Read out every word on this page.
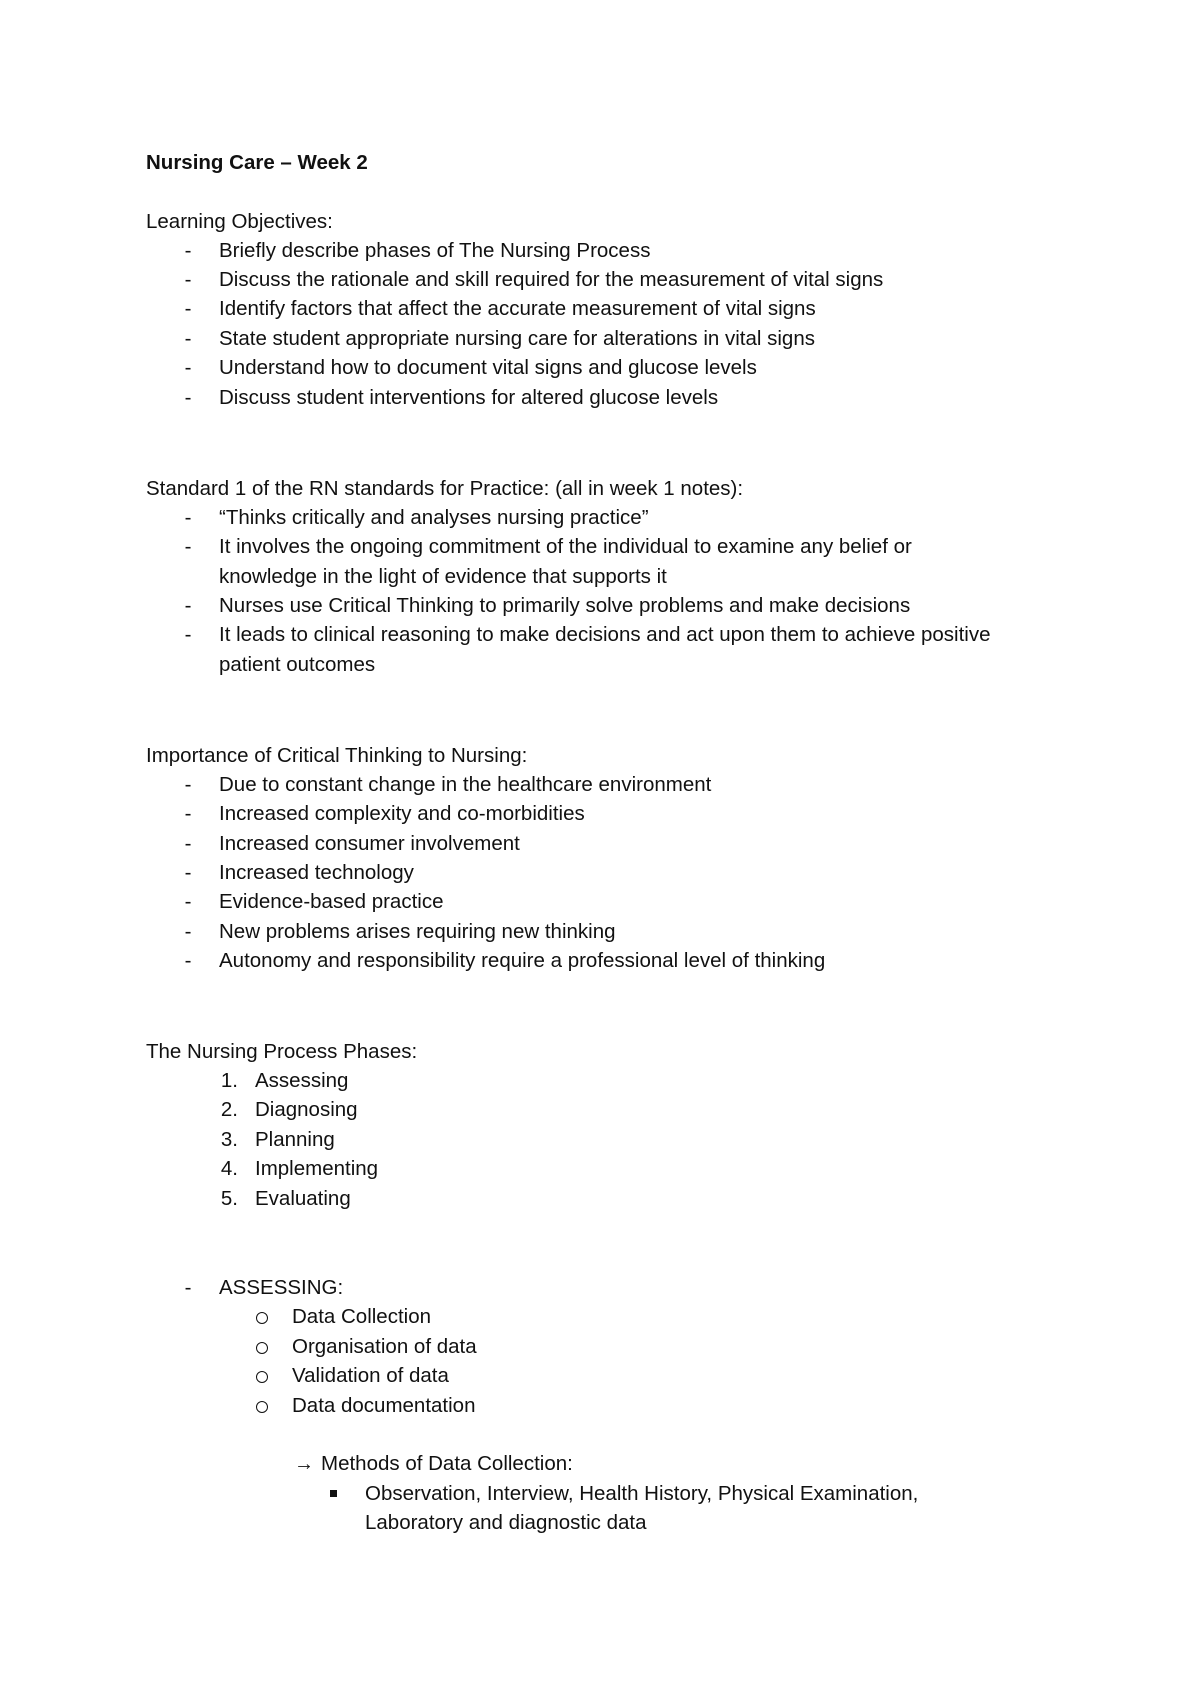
Nursing Care – Week 2
Learning Objectives:
-	Briefly describe phases of The Nursing Process
-	Discuss the rationale and skill required for the measurement of vital signs
-	Identify factors that affect the accurate measurement of vital signs
-	State student appropriate nursing care for alterations in vital signs
-	Understand how to document vital signs and glucose levels
-	Discuss student interventions for altered glucose levels
Standard 1 of the RN standards for Practice: (all in week 1 notes):
-	“Thinks critically and analyses nursing practice”
-	It involves the ongoing commitment of the individual to examine any belief or
knowledge in the light of evidence that supports it
-	Nurses use Critical Thinking to primarily solve problems and make decisions
-	It leads to clinical reasoning to make decisions and act upon them to achieve positive
patient outcomes
Importance of Critical Thinking to Nursing:
-	Due to constant change in the healthcare environment
-	Increased complexity and co-morbidities
-	Increased consumer involvement
-	Increased technology
-	Evidence-based practice
-	New problems arises requiring new thinking
-	Autonomy and responsibility require a professional level of thinking
The Nursing Process Phases:
1. Assessing
2. Diagnosing
3. Planning
4. Implementing
5. Evaluating
-	ASSESSING:
Data Collection
Organisation of data
Validation of data
Data documentation
→ Methods of Data Collection:
Observation, Interview, Health History, Physical Examination,
Laboratory and diagnostic data
